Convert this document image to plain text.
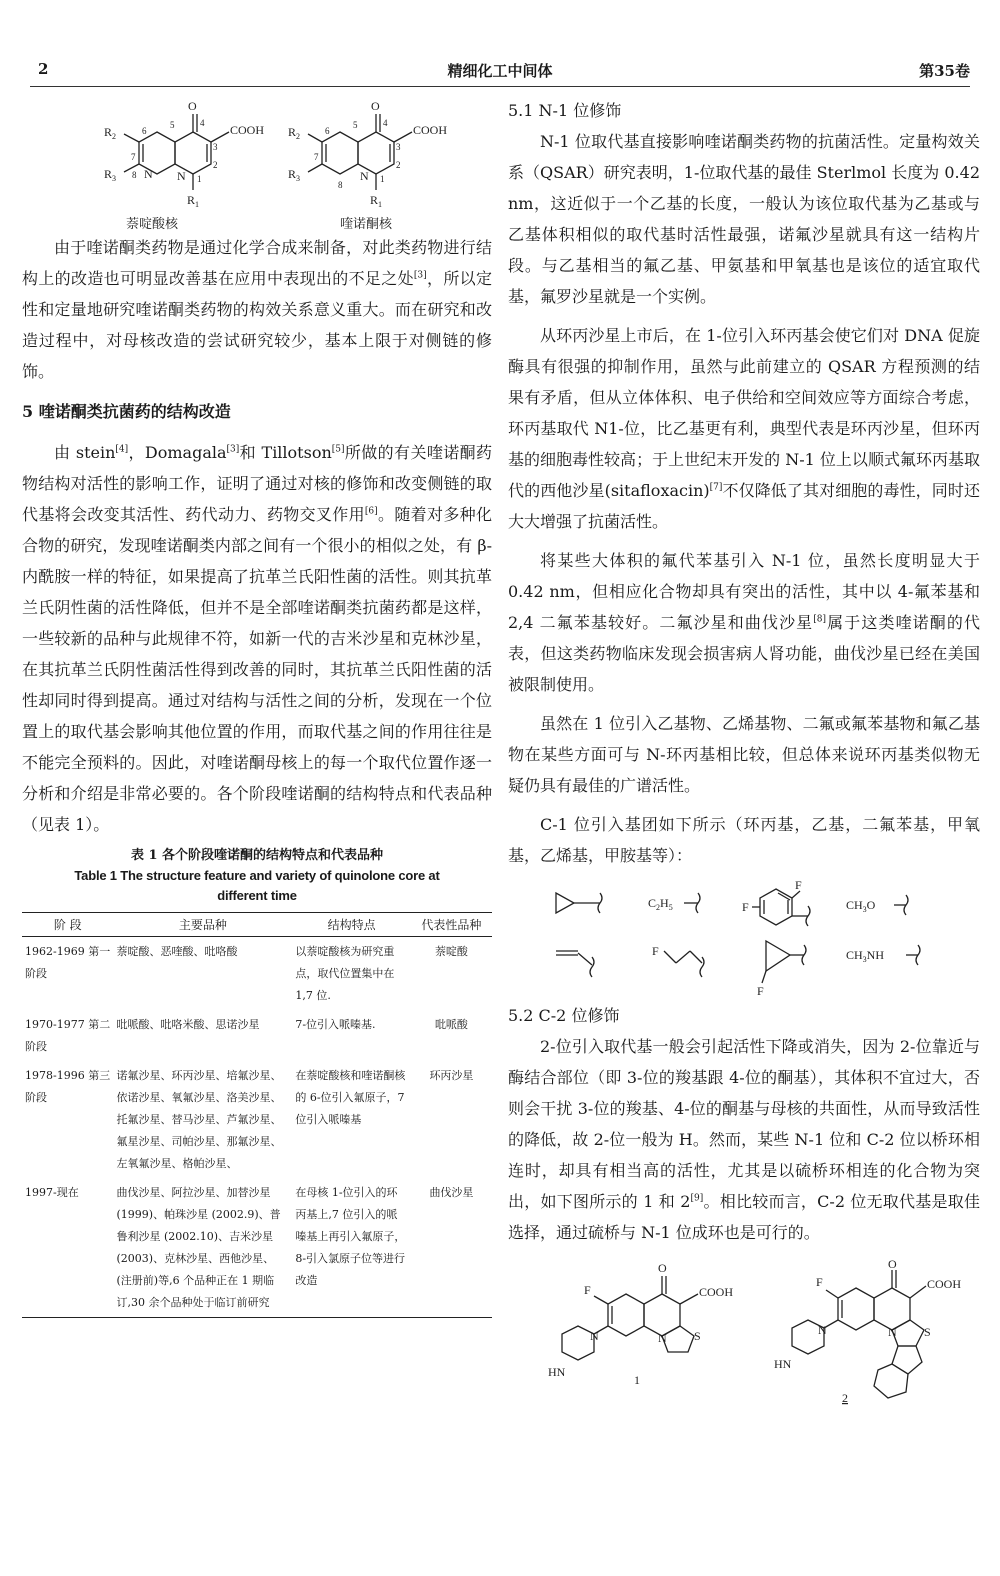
2	精细化工中间体	第35卷
O
COOH
$R_2$
$R_3$ N N
$R_1$
1
2
3
4
5
6
7
8
O
COOH
$R_2$
$R_3$	N
$R_1$
1
2
3
4
5
6
7
8
萘啶酸核	喹诺酮核

由于喹诺酮类药物是通过化学合成来制备，对此类药物进行结构上的改造也可明显改善基在应用中表现出的不足之处[3]，所以定性和定量地研究喹诺酮类药物的构效关系意义重大。而在研究和改造过程中，对母核改造的尝试研究较少，基本上限于对侧链的修饰。

5 喹诺酮类抗菌药的结构改造

由 stein[4]，Domagala[3]和 Tillotson[5]所做的有关喹诺酮药物结构对活性的影响工作，证明了通过对核的修饰和改变侧链的取代基将会改变其活性、药代动力、药物交叉作用[6]。随着对多种化合物的研究，发现喹诺酮类内部之间有一个很小的相似之处，有 β-内酰胺一样的特征，如果提高了抗革兰氏阳性菌的活性。则其抗革兰氏阴性菌的活性降低，但并不是全部喹诺酮类抗菌药都是这样，一些较新的品种与此规律不符，如新一代的吉米沙星和克林沙星，在其抗革兰氏阴性菌活性得到改善的同时，其抗革兰氏阳性菌的活性却同时得到提高。通过对结构与活性之间的分析，发现在一个位置上的取代基会影响其他位置的作用，而取代基之间的作用往往是不能完全预料的。因此，对喹诺酮母核上的每一个取代位置作逐一分析和介绍是非常必要的。各个阶段喹诺酮的结构特点和代表品种（见表 1）。

表 1 各个阶段喹诺酮的结构特点和代表品种
Table 1 The structure feature and variety of quinolone core at
different time
阶 段	主要品种	结构特点	代表性品种
1962-1969 第一阶段	萘啶酸、恶喹酸、吡咯酸	以萘啶酸核为研究重点，取代位置集中在 1,7 位.	萘啶酸
1970-1977 第二阶段	吡哌酸、吡咯米酸、思诺沙星	7-位引入哌嗪基.	吡哌酸
1978-1996 第三阶段	诺氟沙星、环丙沙星、培氟沙星、依诺沙星、氧氟沙星、洛美沙星、托氟沙星、替马沙星、芦氟沙星、氟星沙星、司帕沙星、那氟沙星、左氧氟沙星、格帕沙星、	在萘啶酸核和喹诺酮核的 6-位引入氟原子，7 位引入哌嗪基	环丙沙星
1997-现在	曲伐沙星、阿拉沙星、加替沙星 (1999)、帕珠沙星 (2002.9)、普鲁利沙星 (2002.10)、吉米沙星(2003)、克林沙星、西他沙星、(注册前)等,6 个品种正在 1 期临订,30 余个品种处于临订前研究	在母核 1-位引入的环丙基上,7 位引入的哌嗪基上再引入氟原子，8-引入氯原子位等进行改造	曲伐沙星
5.1 N-1 位修饰

N-1 位取代基直接影响喹诺酮类药物的抗菌活性。定量构效关系（QSAR）研究表明，1-位取代基的最佳 Sterlmol 长度为 0.42 nm，这近似于一个乙基的长度，一般认为该位取代基为乙基或与乙基体积相似的取代基时活性最强，诺氟沙星就具有这一结构片段。与乙基相当的氟乙基、甲氨基和甲氧基也是该位的适宜取代基，氟罗沙星就是一个实例。

从环丙沙星上市后，在 1-位引入环丙基会使它们对 DNA 促旋酶具有很强的抑制作用，虽然与此前建立的 QSAR 方程预测的结果有矛盾，但从立体体积、电子供给和空间效应等方面综合考虑，环丙基取代 N1-位，比乙基更有利，典型代表是环丙沙星，但环丙基的细胞毒性较高；于上世纪末开发的 N-1 位上以顺式氟环丙基取代的西他沙星(sitafloxacin)[7]不仅降低了其对细胞的毒性，同时还大大增强了抗菌活性。

将某些大体积的氟代苯基引入 N-1 位，虽然长度明显大于 0.42 nm，但相应化合物却具有突出的活性，其中以 4-氟苯基和 2,4 二氟苯基较好。二氟沙星和曲伐沙星[8]属于这类喹诺酮的代表，但这类药物临床发现会损害病人肾功能，曲伐沙星已经在美国被限制使用。

虽然在 1 位引入乙基物、乙烯基物、二氟或氟苯基物和氟乙基物在某些方面可与 N-环丙基相比较，但总体来说环丙基类似物无疑仍具有最佳的广谱活性。

C-1 位引入基团如下所示（环丙基，乙基，二氟苯基，甲氧基，乙烯基，甲胺基等）：

$C_2H_5$
F
F	$CH_3O$
F
F
$CH_3NH$
5.2 C-2 位修饰

2-位引入取代基一般会引起活性下降或消失，因为 2-位靠近与酶结合部位（即 3-位的羧基跟 4-位的酮基），其体积不宜过大，否则会干扰 3-位的羧基、4-位的酮基与母核的共面性，从而导致活性的降低，故 2-位一般为 H。然而，某些 N-1 位和 C-2 位以桥环相连时，却具有相当高的活性，尤其是以硫桥环相连的化合物为突出，如下图所示的 1 和 2[9]。相比较而言，C-2 位无取代基是取佳选择，通过硫桥与 N-1 位成环也是可行的。

O
COOH
F
N S
N
HN
1
O
COOH
F
N S
N
HN
2
